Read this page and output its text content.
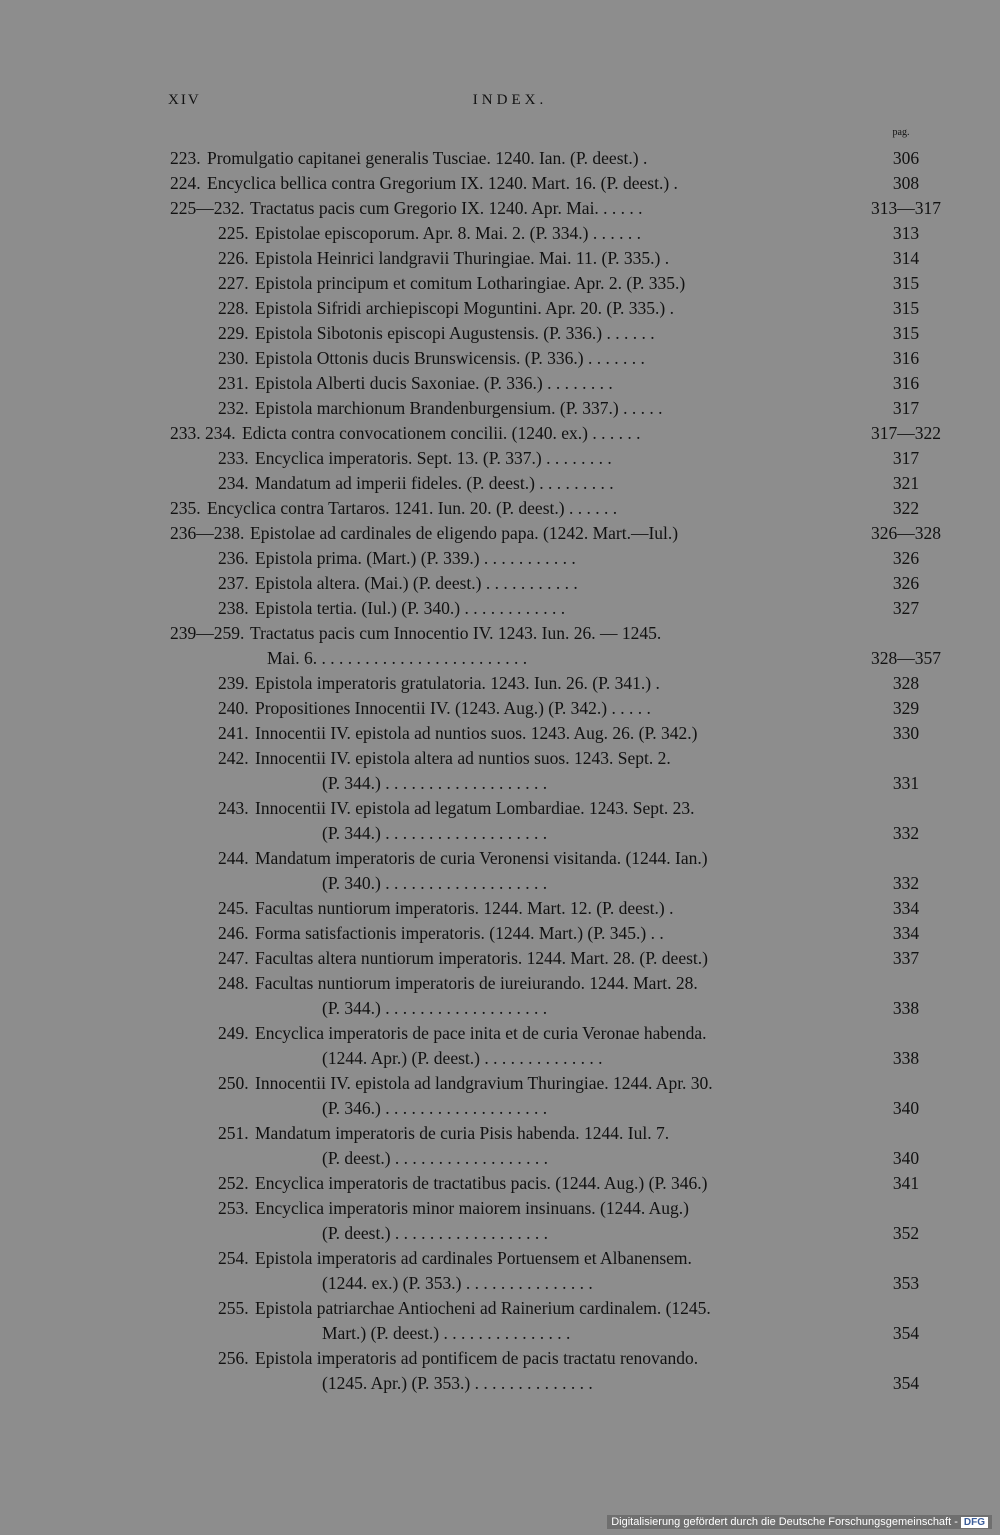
XIV	INDEX.
pag.
223. Promulgatio capitanei generalis Tusciae. 1240. Ian. (P. deest.) .	306
224. Encyclica bellica contra Gregorium IX. 1240. Mart. 16. (P. deest.) .	308
225—232. Tractatus pacis cum Gregorio IX. 1240. Apr. Mai. . . . . .	313—317
225. Epistolae episcoporum. Apr. 8. Mai. 2. (P. 334.) . . . . . .	313
226. Epistola Heinrici landgravii Thuringiae. Mai. 11. (P. 335.) .	314
227. Epistola principum et comitum Lotharingiae. Apr. 2. (P. 335.)	315
228. Epistola Sifridi archiepiscopi Moguntini. Apr. 20. (P. 335.) .	315
229. Epistola Sibotonis episcopi Augustensis. (P. 336.) . . . . . .	315
230. Epistola Ottonis ducis Brunswicensis. (P. 336.) . . . . . . .	316
231. Epistola Alberti ducis Saxoniae. (P. 336.) . . . . . . . .	316
232. Epistola marchionum Brandenburgensium. (P. 337.) . . . . .	317
233. 234. Edicta contra convocationem concilii. (1240. ex.) . . . . . .	317—322
233. Encyclica imperatoris. Sept. 13. (P. 337.) . . . . . . . .	317
234. Mandatum ad imperii fideles. (P. deest.) . . . . . . . . .	321
235. Encyclica contra Tartaros. 1241. Iun. 20. (P. deest.) . . . . . .	322
236—238. Epistolae ad cardinales de eligendo papa. (1242. Mart.—Iul.)	326—328
236. Epistola prima. (Mart.) (P. 339.) . . . . . . . . . . .	326
237. Epistola altera. (Mai.) (P. deest.) . . . . . . . . . . .	326
238. Epistola tertia. (Iul.) (P. 340.) . . . . . . . . . . . .	327
239—259. Tractatus pacis cum Innocentio IV. 1243. Iun. 26. — 1245.
Mai. 6. . . . . . . . . . . . . . . . . . . . . . . . .	328—357
239. Epistola imperatoris gratulatoria. 1243. Iun. 26. (P. 341.) .	328
240. Propositiones Innocentii IV. (1243. Aug.) (P. 342.) . . . . .	329
241. Innocentii IV. epistola ad nuntios suos. 1243. Aug. 26. (P. 342.)	330
242. Innocentii IV. epistola altera ad nuntios suos. 1243. Sept. 2.
(P. 344.) . . . . . . . . . . . . . . . . . . .	331
243. Innocentii IV. epistola ad legatum Lombardiae. 1243. Sept. 23.
(P. 344.) . . . . . . . . . . . . . . . . . . .	332
244. Mandatum imperatoris de curia Veronensi visitanda. (1244. Ian.)
(P. 340.) . . . . . . . . . . . . . . . . . . .	332
245. Facultas nuntiorum imperatoris. 1244. Mart. 12. (P. deest.) .	334
246. Forma satisfactionis imperatoris. (1244. Mart.) (P. 345.) . .	334
247. Facultas altera nuntiorum imperatoris. 1244. Mart. 28. (P. deest.)	337
248. Facultas nuntiorum imperatoris de iureiurando. 1244. Mart. 28.
(P. 344.) . . . . . . . . . . . . . . . . . . .	338
249. Encyclica imperatoris de pace inita et de curia Veronae habenda.
(1244. Apr.) (P. deest.) . . . . . . . . . . . . . .	338
250. Innocentii IV. epistola ad landgravium Thuringiae. 1244. Apr. 30.
(P. 346.) . . . . . . . . . . . . . . . . . . .	340
251. Mandatum imperatoris de curia Pisis habenda. 1244. Iul. 7.
(P. deest.) . . . . . . . . . . . . . . . . . .	340
252. Encyclica imperatoris de tractatibus pacis. (1244. Aug.) (P. 346.)	341
253. Encyclica imperatoris minor maiorem insinuans. (1244. Aug.)
(P. deest.) . . . . . . . . . . . . . . . . . .	352
254. Epistola imperatoris ad cardinales Portuensem et Albanensem.
(1244. ex.) (P. 353.) . . . . . . . . . . . . . . .	353
255. Epistola patriarchae Antiocheni ad Rainerium cardinalem. (1245.
Mart.) (P. deest.) . . . . . . . . . . . . . . .	354
256. Epistola imperatoris ad pontificem de pacis tractatu renovando.
(1245. Apr.) (P. 353.) . . . . . . . . . . . . . .	354
Digitalisierung gefördert durch die Deutsche Forschungsgemeinschaft - DFG
